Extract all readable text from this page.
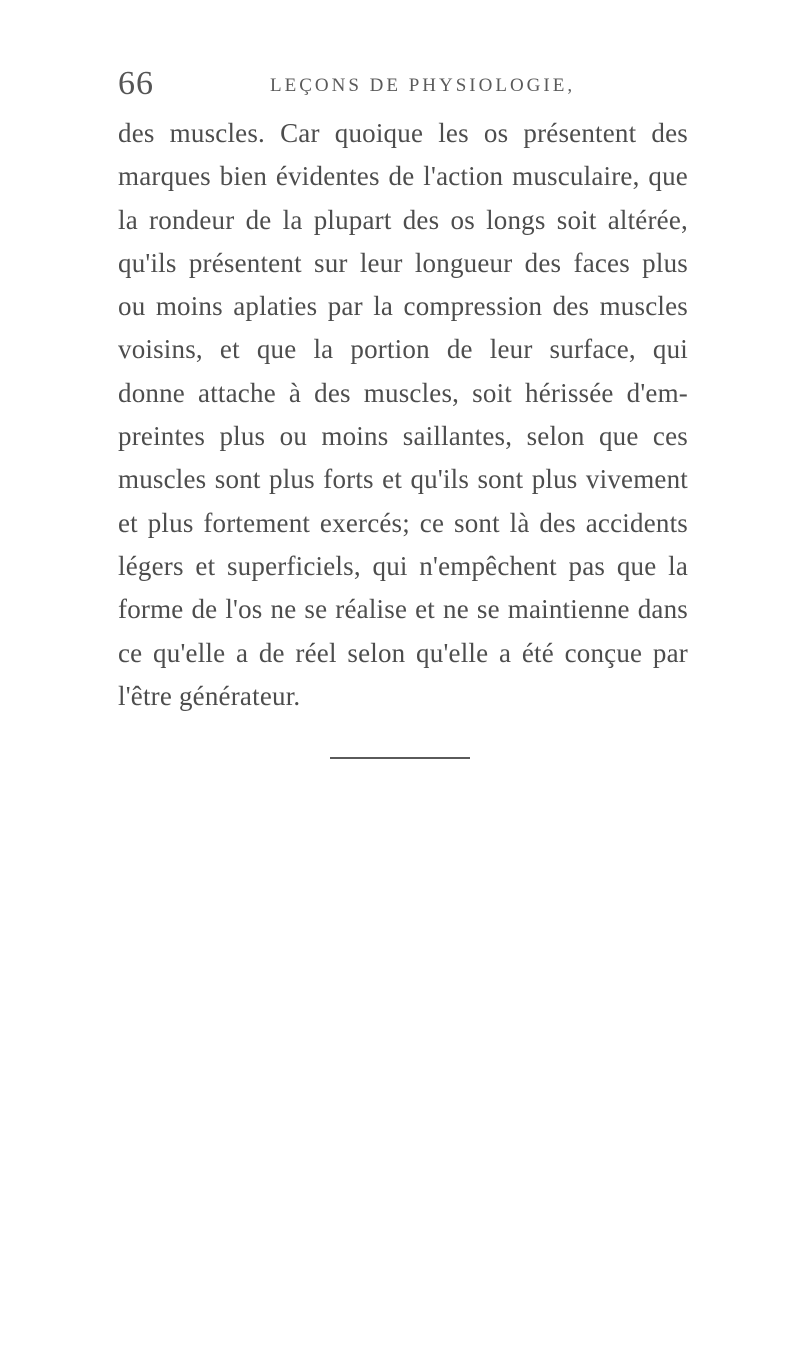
66	LEÇONS DE PHYSIOLOGIE,
des muscles. Car quoique les os présentent des
marques bien évidentes de l'action musculaire, que
la rondeur de la plupart des os longs soit altérée,
qu'ils présentent sur leur longueur des faces plus
ou moins aplaties par la compression des muscles
voisins, et que la portion de leur surface, qui
donne attache à des muscles, soit hérissée d'em-
preintes plus ou moins saillantes, selon que ces
muscles sont plus forts et qu'ils sont plus vivement
et plus fortement exercés; ce sont là des accidents
légers et superficiels, qui n'empêchent pas que la
forme de l'os ne se réalise et ne se maintienne dans
ce qu'elle a de réel selon qu'elle a été conçue par
l'être générateur.
